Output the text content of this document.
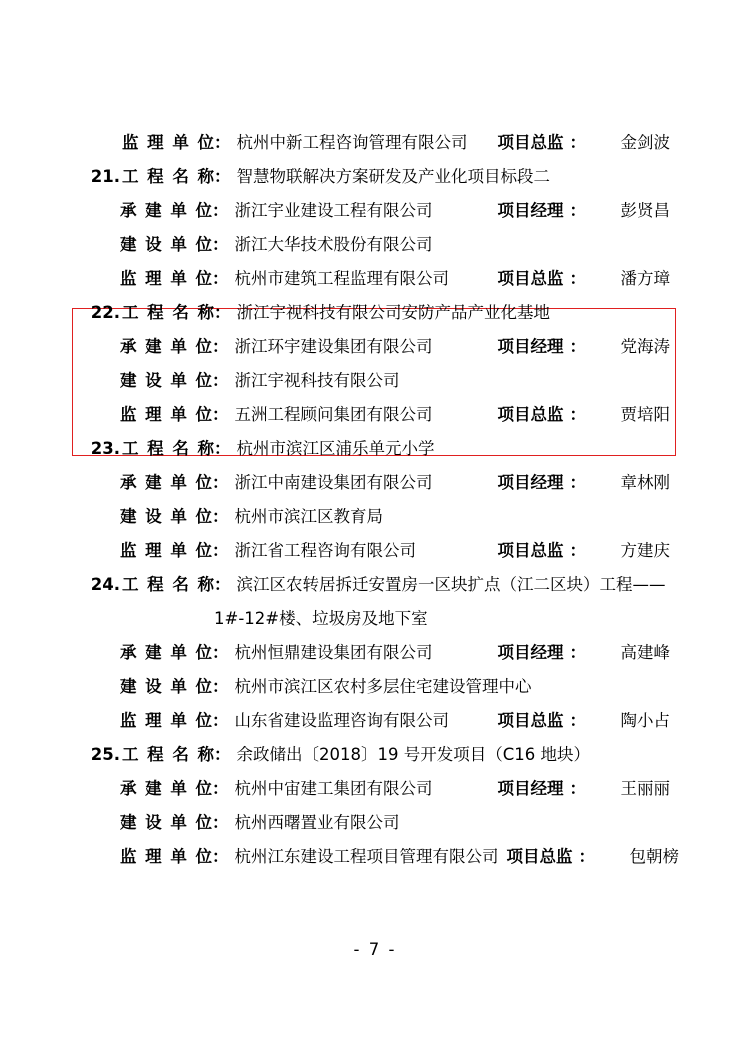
监理单位 ： 杭州中新工程咨询管理有限公司 项目总监 ：	金剑波
21. 工程名称 ： 智慧物联解决方案研发及产业化项目标段二
承建单位 ： 浙江宇业建设工程有限公司	项目经理 ：	彭贤昌
建设单位 ： 浙江大华技术股份有限公司
监理单位 ： 杭州市建筑工程监理有限公司	项目总监 ：	潘方璋
22. 工程名称 ： 浙江宇视科技有限公司安防产品产业化基地
承建单位 ： 浙江环宇建设集团有限公司	项目经理 ：	党海涛
建设单位 ： 浙江宇视科技有限公司
监理单位 ： 五洲工程顾问集团有限公司	项目总监 ：	贾培阳
23. 工程名称 ： 杭州市滨江区浦乐单元小学
承建单位 ： 浙江中南建设集团有限公司	项目经理 ：	章林刚
建设单位 ： 杭州市滨江区教育局
监理单位 ： 浙江省工程咨询有限公司	项目总监 ：	方建庆
24. 工程名称 ： 滨江区农转居拆迁安置房一区块扩点（江二区块）工程——
1#-12#楼、垃圾房及地下室
承建单位 ： 杭州恒鼎建设集团有限公司	项目经理 ：	高建峰
建设单位 ： 杭州市滨江区农村多层住宅建设管理中心
监理单位 ： 山东省建设监理咨询有限公司	项目总监 ：	陶小占
25. 工程名称 ： 余政储出〔2018〕19 号开发项目（C16 地块）
承建单位 ： 杭州中宙建工集团有限公司	项目经理 ：	王丽丽
建设单位 ： 杭州西曙置业有限公司
监理单位 ： 杭州江东建设工程项目管理有限公司 项目总监 ：	包朝榜
- 7 -
